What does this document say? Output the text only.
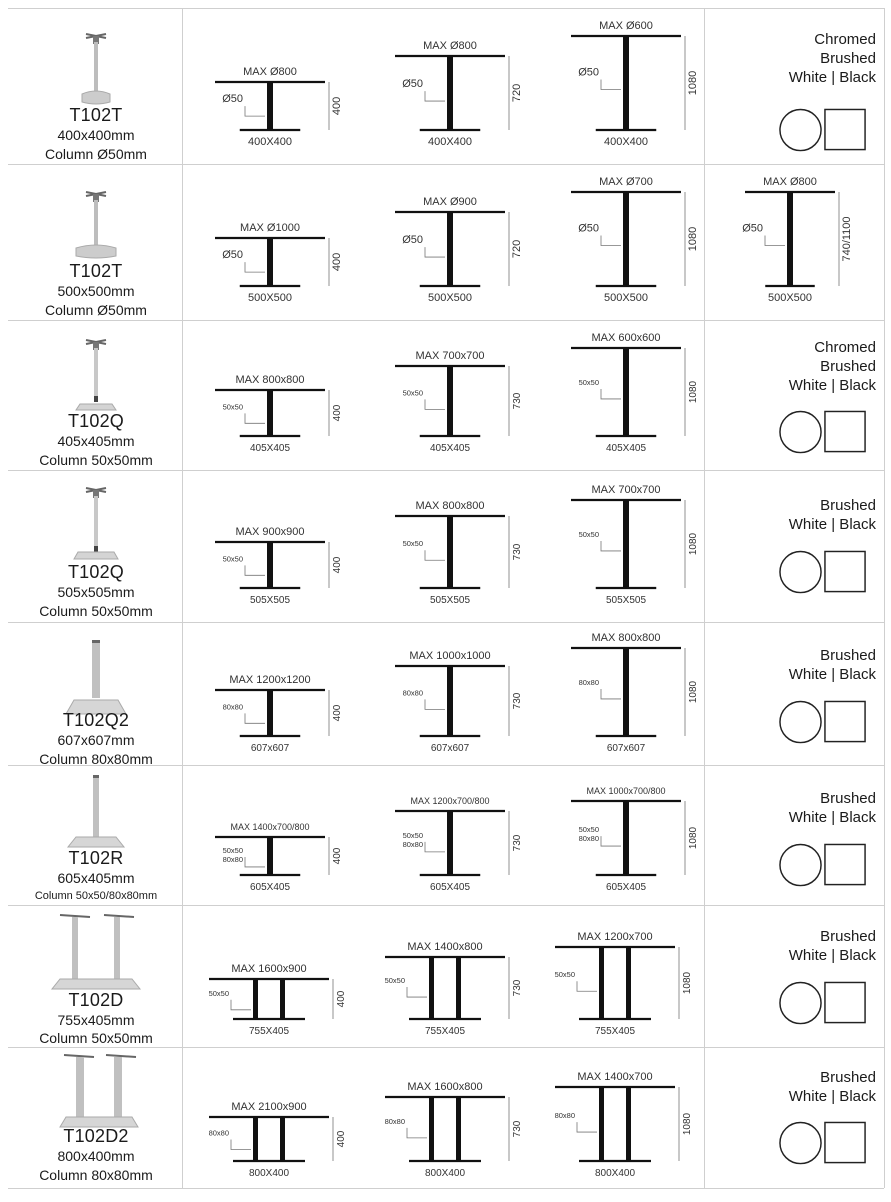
T102T
400x400mm
Column Ø50mm
Chromed
Brushed
White | Black
T102T
500x500mm
Column Ø50mm
T102Q
405x405mm
Column 50x50mm
Chromed
Brushed
White | Black
T102Q
505x505mm
Column 50x50mm
Brushed
White | Black
T102Q2
607x607mm
Column 80x80mm
Brushed
White | Black
T102R
605x405mm
Column 50x50/80x80mm
Brushed
White | Black
T102D
755x405mm
Column 50x50mm
Brushed
White | Black
T102D2
800x400mm
Column 80x80mm
Brushed
White | Black
MAX Ø800
Ø50	400
400X400
MAX Ø800
Ø50	720
400X400
MAX Ø600
Ø50	1080
400X400
MAX Ø1000
Ø50	400
500X500
MAX Ø900
Ø50	720
500X500
MAX Ø700
Ø50	1080
500X500
MAX Ø800
Ø50	740/1100
500X500
MAX 800x800
50x50	400
405X405
MAX 700x700
50x50	730
405X405
MAX 600x600
50x50	1080
405X405
MAX 900x900
50x50	400
505X505
MAX 800x800
50x50	730
505X505
MAX 700x700
50x50	1080
505X505
MAX 1200x1200
80x80	400
607x607
MAX 1000x1000
80x80	730
607x607
MAX 800x800
80x80	1080
607x607
MAX 1400x700/800
50x50
80x80	400
605X405
MAX 1200x700/800
50x50
80x80	730
605X405
MAX 1000x700/800
50x50
80x80	1080
605X405
MAX 1600x900
50x50	400
755X405
MAX 1400x800
50x50	730
755X405
MAX 1200x700
50x50	1080
755X405
MAX 2100x900
80x80	400
800X400
MAX 1600x800
80x80	730
800X400
MAX 1400x700
80x80	1080
800X400
